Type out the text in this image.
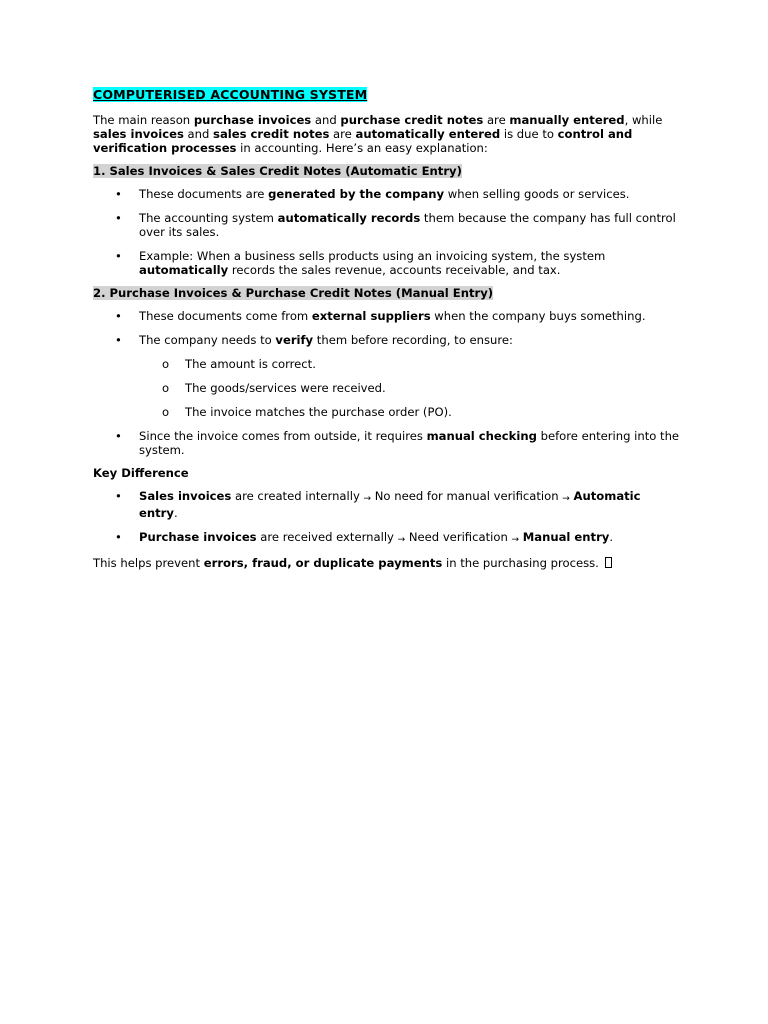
COMPUTERISED ACCOUNTING SYSTEM

The main reason purchase invoices and purchase credit notes are manually entered, while sales invoices and sales credit notes are automatically entered is due to control and verification processes in accounting. Here’s an easy explanation:

1. Sales Invoices & Sales Credit Notes (Automatic Entry)
• These documents are generated by the company when selling goods or services.
• The accounting system automatically records them because the company has full control over its sales.
• Example: When a business sells products using an invoicing system, the system automatically records the sales revenue, accounts receivable, and tax.
2. Purchase Invoices & Purchase Credit Notes (Manual Entry)
• These documents come from external suppliers when the company buys something.
• The company needs to verify them before recording, to ensure:
o The amount is correct.
o The goods/services were received.
o The invoice matches the purchase order (PO).
• Since the invoice comes from outside, it requires manual checking before entering into the system.
Key Difference
• Sales invoices are created internally → No need for manual verification → Automatic entry.
• Purchase invoices are received externally → Need verification → Manual entry.

This helps prevent errors, fraud, or duplicate payments in the purchasing process.
